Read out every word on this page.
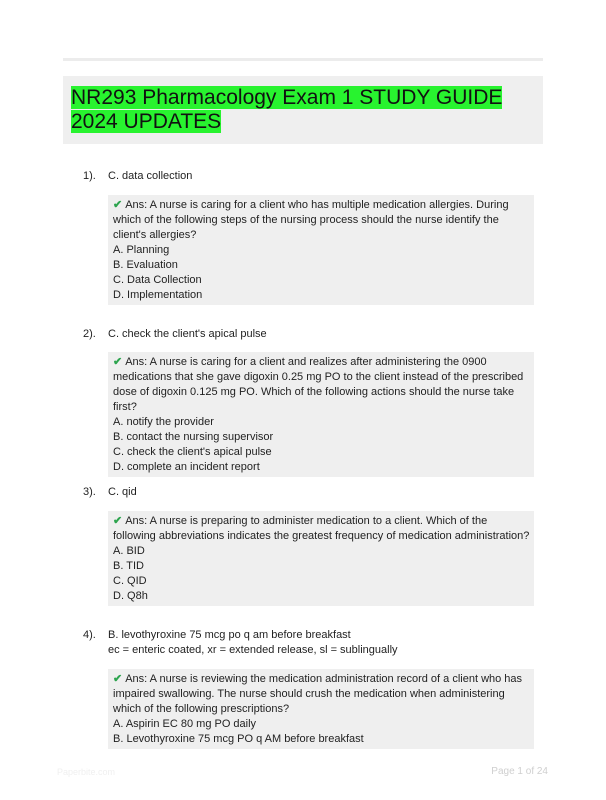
NR293 Pharmacology Exam 1 STUDY GUIDE 2024 UPDATES
1). C. data collection

✔ Ans: A nurse is caring for a client who has multiple medication allergies. During which of the following steps of the nursing process should the nurse identify the client's allergies?

A. Planning

B. Evaluation

C. Data Collection

D. Implementation

2). C. check the client's apical pulse

✔ Ans: A nurse is caring for a client and realizes after administering the 0900 medications that she gave digoxin 0.25 mg PO to the client instead of the prescribed dose of digoxin 0.125 mg PO. Which of the following actions should the nurse take first?

A. notify the provider

B. contact the nursing supervisor

C. check the client's apical pulse

D. complete an incident report

3). C. qid

✔ Ans: A nurse is preparing to administer medication to a client. Which of the following abbreviations indicates the greatest frequency of medication administration?

A. BID

B. TID

C. QID

D. Q8h

4). B. levothyroxine 75 mcg po q am before breakfast
ec = enteric coated, xr = extended release, sl = sublingually

✔ Ans: A nurse is reviewing the medication administration record of a client who has impaired swallowing. The nurse should crush the medication when administering which of the following prescriptions?

A. Aspirin EC 80 mg PO daily

B. Levothyroxine 75 mcg PO q AM before breakfast

Paperbite.com	Page 1 of 24
